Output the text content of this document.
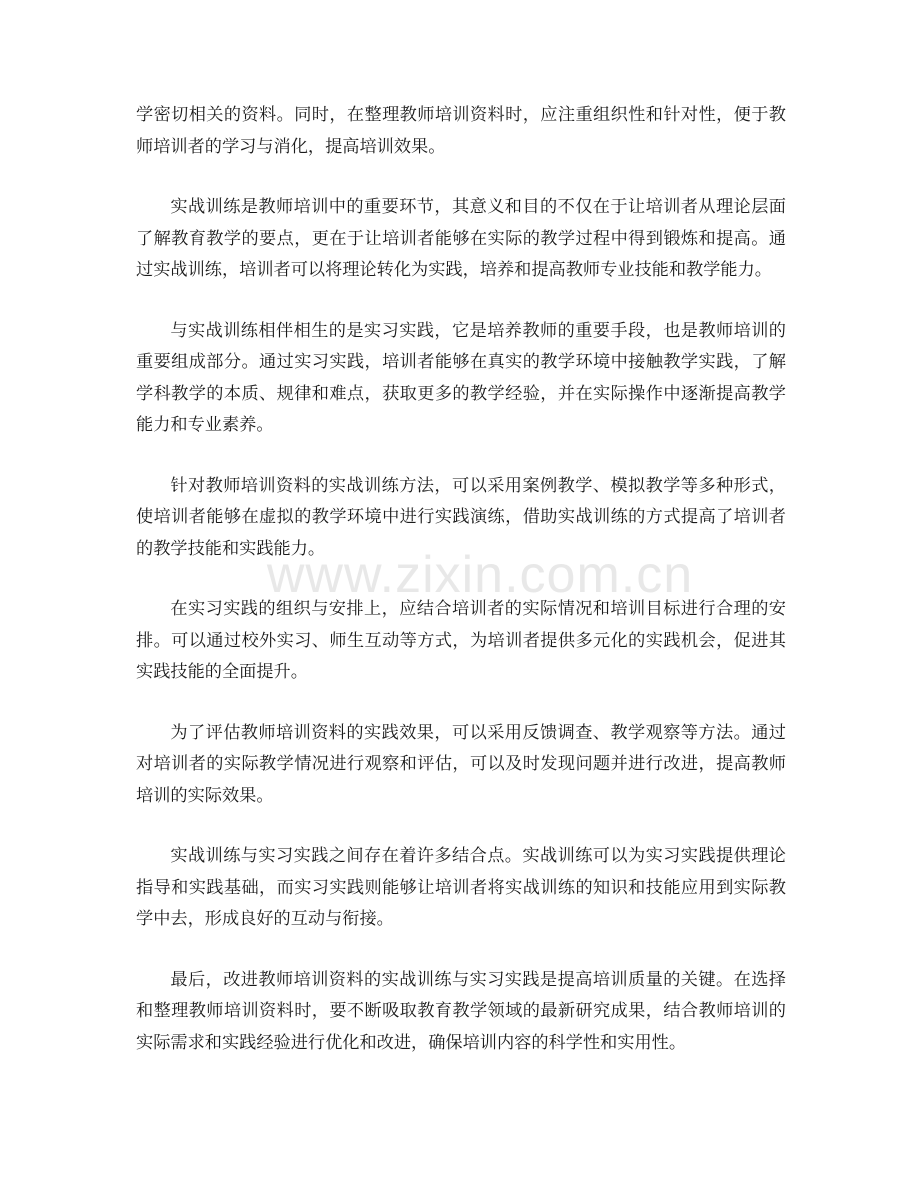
学密切相关的资料。同时，在整理教师培训资料时，应注重组织性和针对性，便于教师培训者的学习与消化，提高培训效果。

实战训练是教师培训中的重要环节，其意义和目的不仅在于让培训者从理论层面了解教育教学的要点，更在于让培训者能够在实际的教学过程中得到锻炼和提高。通过实战训练，培训者可以将理论转化为实践，培养和提高教师专业技能和教学能力。

与实战训练相伴相生的是实习实践，它是培养教师的重要手段，也是教师培训的重要组成部分。通过实习实践，培训者能够在真实的教学环境中接触教学实践，了解学科教学的本质、规律和难点，获取更多的教学经验，并在实际操作中逐渐提高教学能力和专业素养。

针对教师培训资料的实战训练方法，可以采用案例教学、模拟教学等多种形式，使培训者能够在虚拟的教学环境中进行实践演练，借助实战训练的方式提高了培训者的教学技能和实践能力。

在实习实践的组织与安排上，应结合培训者的实际情况和培训目标进行合理的安排。可以通过校外实习、师生互动等方式，为培训者提供多元化的实践机会，促进其实践技能的全面提升。

为了评估教师培训资料的实践效果，可以采用反馈调查、教学观察等方法。通过对培训者的实际教学情况进行观察和评估，可以及时发现问题并进行改进，提高教师培训的实际效果。

实战训练与实习实践之间存在着许多结合点。实战训练可以为实习实践提供理论指导和实践基础，而实习实践则能够让培训者将实战训练的知识和技能应用到实际教学中去，形成良好的互动与衔接。

最后，改进教师培训资料的实战训练与实习实践是提高培训质量的关键。在选择和整理教师培训资料时，要不断吸取教育教学领域的最新研究成果，结合教师培训的实际需求和实践经验进行优化和改进，确保培训内容的科学性和实用性。

www.zixin.com.cn
